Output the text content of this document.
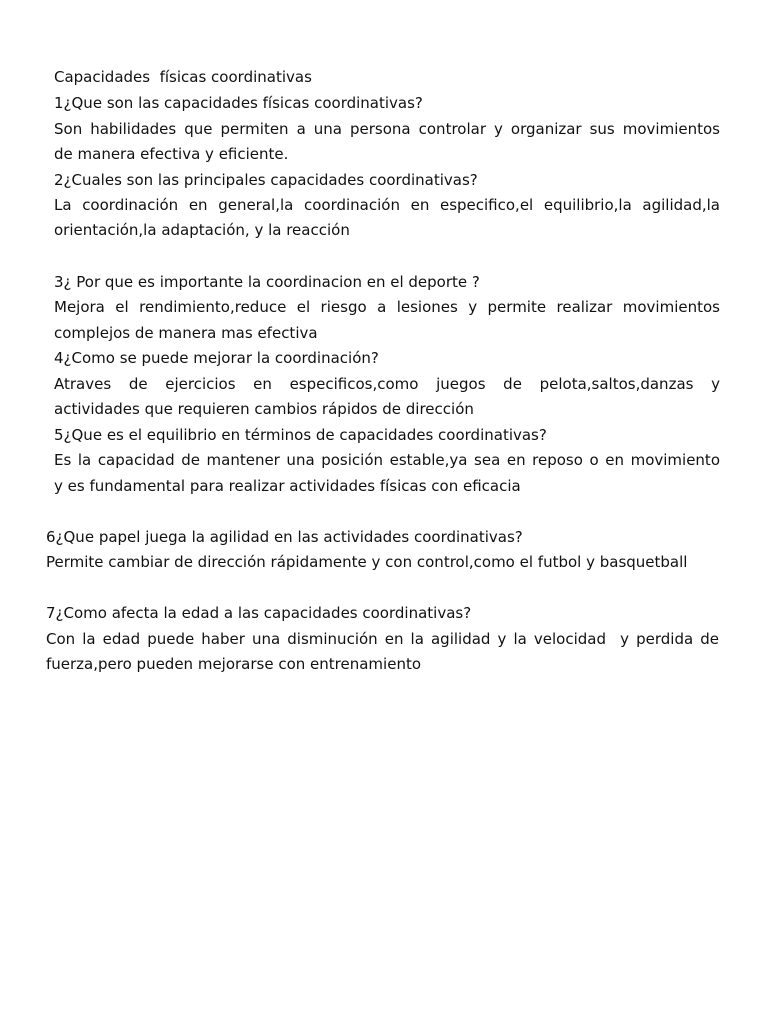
Capacidades  físicas coordinativas

1¿Que son las capacidades físicas coordinativas?

Son habilidades que permiten a una persona controlar y organizar sus movimientos

de manera efectiva y eficiente.

2¿Cuales son las principales capacidades coordinativas?

La coordinación en general,la coordinación en especifico,el equilibrio,la agilidad,la

orientación,la adaptación, y la reacción

3¿ Por que es importante la coordinacion en el deporte ?

Mejora el rendimiento,reduce el riesgo a lesiones y permite realizar movimientos

complejos de manera mas efectiva

4¿Como se puede mejorar la coordinación?

Atraves de ejercicios en especificos,como juegos de pelota,saltos,danzas y

actividades que requieren cambios rápidos de dirección

5¿Que es el equilibrio en términos de capacidades coordinativas?

Es la capacidad de mantener una posición estable,ya sea en reposo o en movimiento

y es fundamental para realizar actividades físicas con eficacia

6¿Que papel juega la agilidad en las actividades coordinativas?

Permite cambiar de dirección rápidamente y con control,como el futbol y basquetball

7¿Como afecta la edad a las capacidades coordinativas?

Con la edad puede haber una disminución en la agilidad y la velocidad  y perdida de

fuerza,pero pueden mejorarse con entrenamiento
